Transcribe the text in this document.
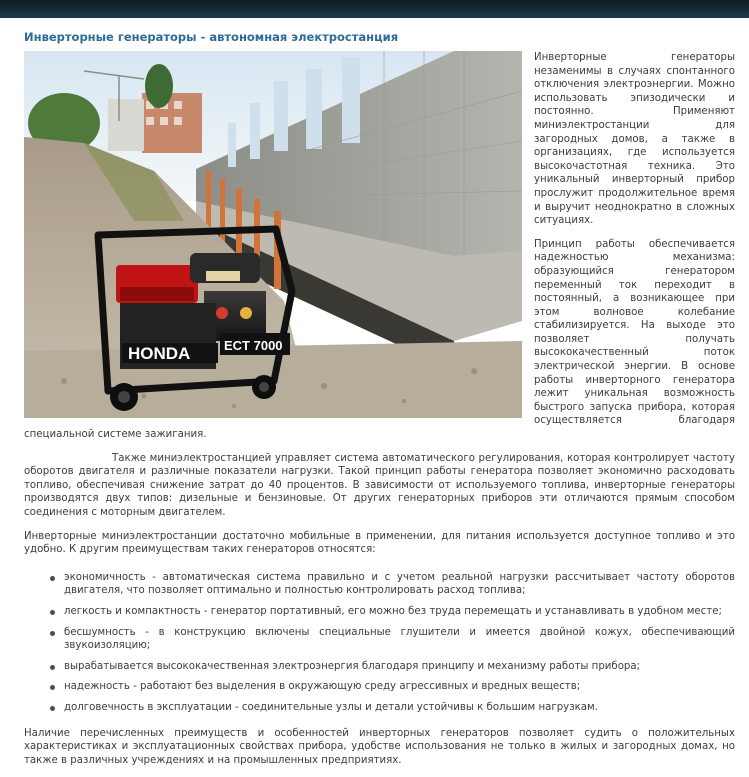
Инверторные генераторы - автономная электростанция
HONDA	ECT 7000

Инверторные генераторы незаменимы в случаях спонтанного отключения электроэнергии. Можно использовать эпизодически и постоянно. Применяют миниэлектростанции для загородных домов, а также в организациях, где используется высокочастотная техника. Это уникальный инверторный прибор прослужит продолжительное время и выручит неоднократно в сложных ситуациях.

Принцип работы обеспечивается надежностью механизма: образующийся генератором переменный ток переходит в постоянный, а возникающее при этом волновое колебание стабилизируется. На выходе это позволяет получать высококачественный поток электрической энергии. В основе работы инверторного генератора лежит уникальная возможность быстрого запуска прибора, которая осуществляется благодаря специальной системе зажигания.

Также миниэлектростанцией управляет система автоматического регулирования, которая контролирует частоту оборотов двигателя и различные показатели нагрузки. Такой принцип работы генератора позволяет экономично расходовать топливо, обеспечивая снижение затрат до 40 процентов. В зависимости от используемого топлива, инверторные генераторы производятся двух типов: дизельные и бензиновые. От других генераторных приборов эти отличаются прямым способом соединения с моторным двигателем.

Инверторные миниэлектростанции достаточно мобильные в применении, для питания используется доступное топливо и это удобно. К другим преимуществам таких генераторов относятся:

экономичность - автоматическая система правильно и с учетом реальной нагрузки рассчитывает частоту оборотов двигателя, что позволяет оптимально и полностью контролировать расход топлива;
легкость и компактность - генератор портативный, его можно без труда перемещать и устанавливать в удобном месте;
бесшумность - в конструкцию включены специальные глушители и имеется двойной кожух, обеспечивающий звукоизоляцию;
вырабатывается высококачественная электроэнергия благодаря принципу и механизму работы прибора;
надежность - работают без выделения в окружающую среду агрессивных и вредных веществ;
долговечность в эксплуатации - соединительные узлы и детали устойчивы к большим нагрузкам.

Наличие перечисленных преимуществ и особенностей инверторных генераторов позволяет судить о положительных характеристиках и эксплуатационных свойствах прибора, удобстве использования не только в жилых и загородных домах, но также в различных учреждениях и на промышленных предприятиях.
